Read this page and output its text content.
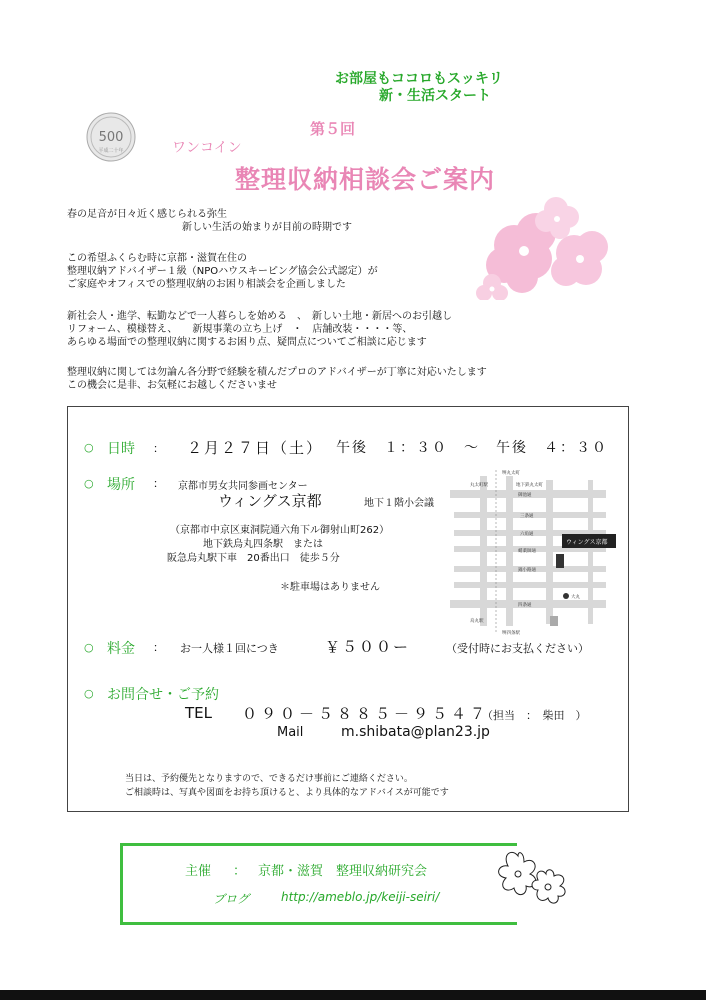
お部屋もココロもスッキリ
新・生活スタート
500
平成二十年
第５回
ワンコイン
整理収納相談会ご案内
春の足音が日々近く感じられる弥生
新しい生活の始まりが目前の時期です
この希望ふくらむ時に京都・滋賀在住の
整理収納アドバイザー１級（NPOハウスキーピング協会公式認定）が
ご家庭やオフィスでの整理収納のお困り相談会を企画しました
新社会人・進学、転勤などで一人暮らしを始める　、　新しい土地・新居へのお引越し
リフォーム、模様替え、　　新規事業の立ち上げ　・　店舗改装・・・・等、
あらゆる場面での整理収納に関するお困り点、疑問点についてご相談に応じます
整理収納に関しては勿論ん各分野で経験を積んだプロのアドバイザーが丁寧に対応いたします
この機会に是非、お気軽にお越しくださいませ
○ 日時 ： ２月２７日（土） 午後　１：３０　～　午後　４：３０
○ 場所 ： 京都市男女共同参画センター
ウィングス京都	地下１階小会議
（京都市中京区東洞院通六角下ル御射山町262）
地下鉄烏丸四条駅　または
阪急烏丸駅下車　20番出口　徒歩５分
＊駐車場はありません
堺丸太町
丸太町駅	地下鉄丸太町
御池通
三条通
六角通
蛸薬師通
錦小路通
四条通
ウィングス京都
大丸
烏丸駅
堺四条駅
○ 料金 ： お一人様１回につき	￥５００ー	（受付時にお支払ください）
○ お問合せ・ご予約
TEL ０９０－５８８５－９５４７
（担当　：　柴田　）
Mail	m.shibata@plan23.jp
当日は、予約優先となりますので、できるだけ事前にご連絡ください。
ご相談時は、写真や図面をお持ち頂けると、より具体的なアドバイスが可能です
主催 ： 京都・滋賀　整理収納研究会
ブログ	http://ameblo.jp/keiji-seiri/
